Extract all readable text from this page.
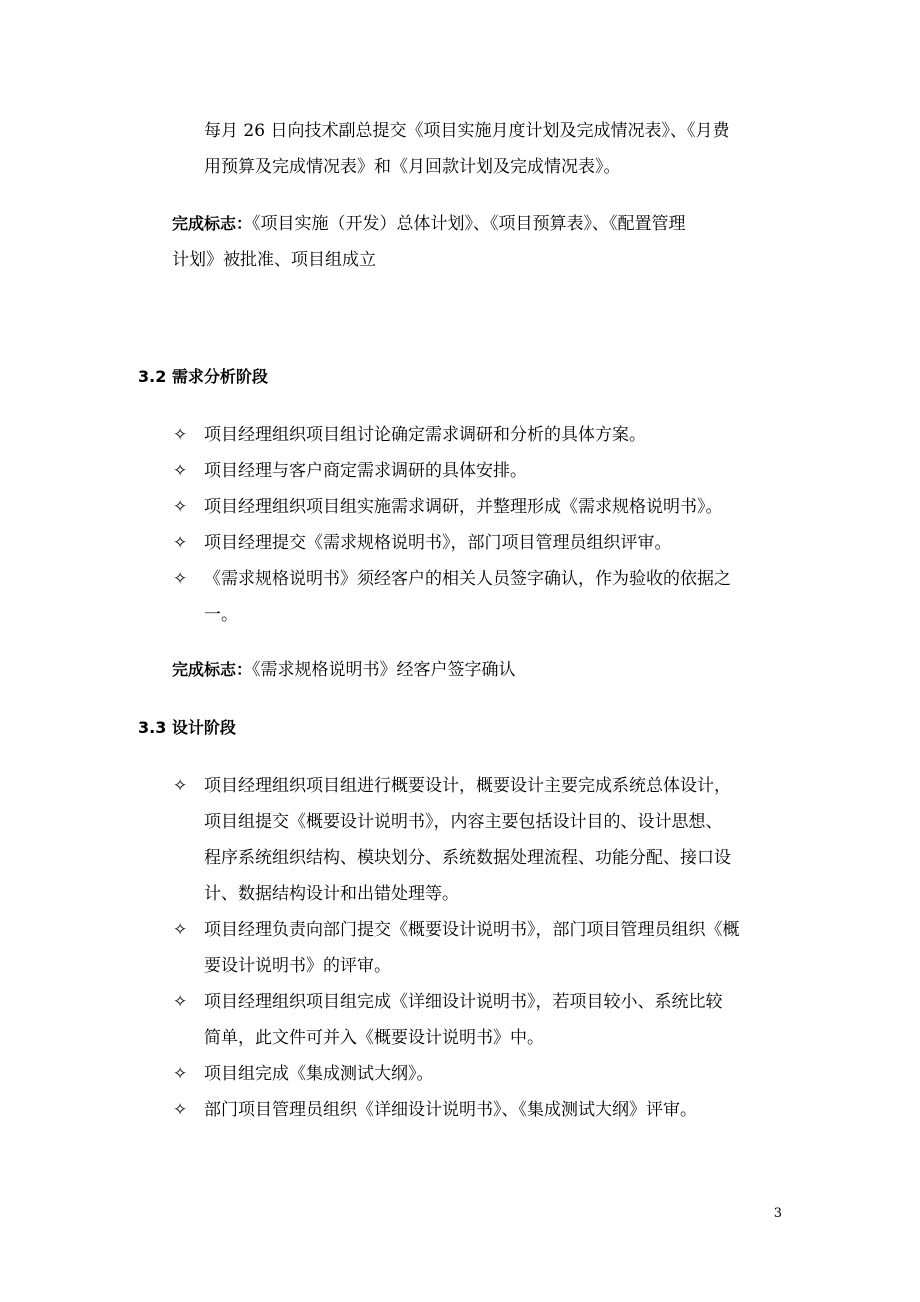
每月 26 日向技术副总提交《项目实施月度计划及完成情况表》、《月费
用预算及完成情况表》和《月回款计划及完成情况表》。
完成标志：《项目实施（开发）总体计划》、《项目预算表》、《配置管理
计划》被批准、项目组成立
3.2 需求分析阶段
✧ 项目经理组织项目组讨论确定需求调研和分析的具体方案。
✧ 项目经理与客户商定需求调研的具体安排。
✧ 项目经理组织项目组实施需求调研，并整理形成《需求规格说明书》。
✧ 项目经理提交《需求规格说明书》，部门项目管理员组织评审。
✧ 《需求规格说明书》须经客户的相关人员签字确认，作为验收的依据之
一。
完成标志：《需求规格说明书》经客户签字确认
3.3 设计阶段
✧ 项目经理组织项目组进行概要设计，概要设计主要完成系统总体设计，
项目组提交《概要设计说明书》，内容主要包括设计目的、设计思想、
程序系统组织结构、模块划分、系统数据处理流程、功能分配、接口设
计、数据结构设计和出错处理等。
✧ 项目经理负责向部门提交《概要设计说明书》，部门项目管理员组织《概
要设计说明书》的评审。
✧ 项目经理组织项目组完成《详细设计说明书》，若项目较小、系统比较
简单，此文件可并入《概要设计说明书》中。
✧ 项目组完成《集成测试大纲》。
✧ 部门项目管理员组织《详细设计说明书》、《集成测试大纲》评审。
3
